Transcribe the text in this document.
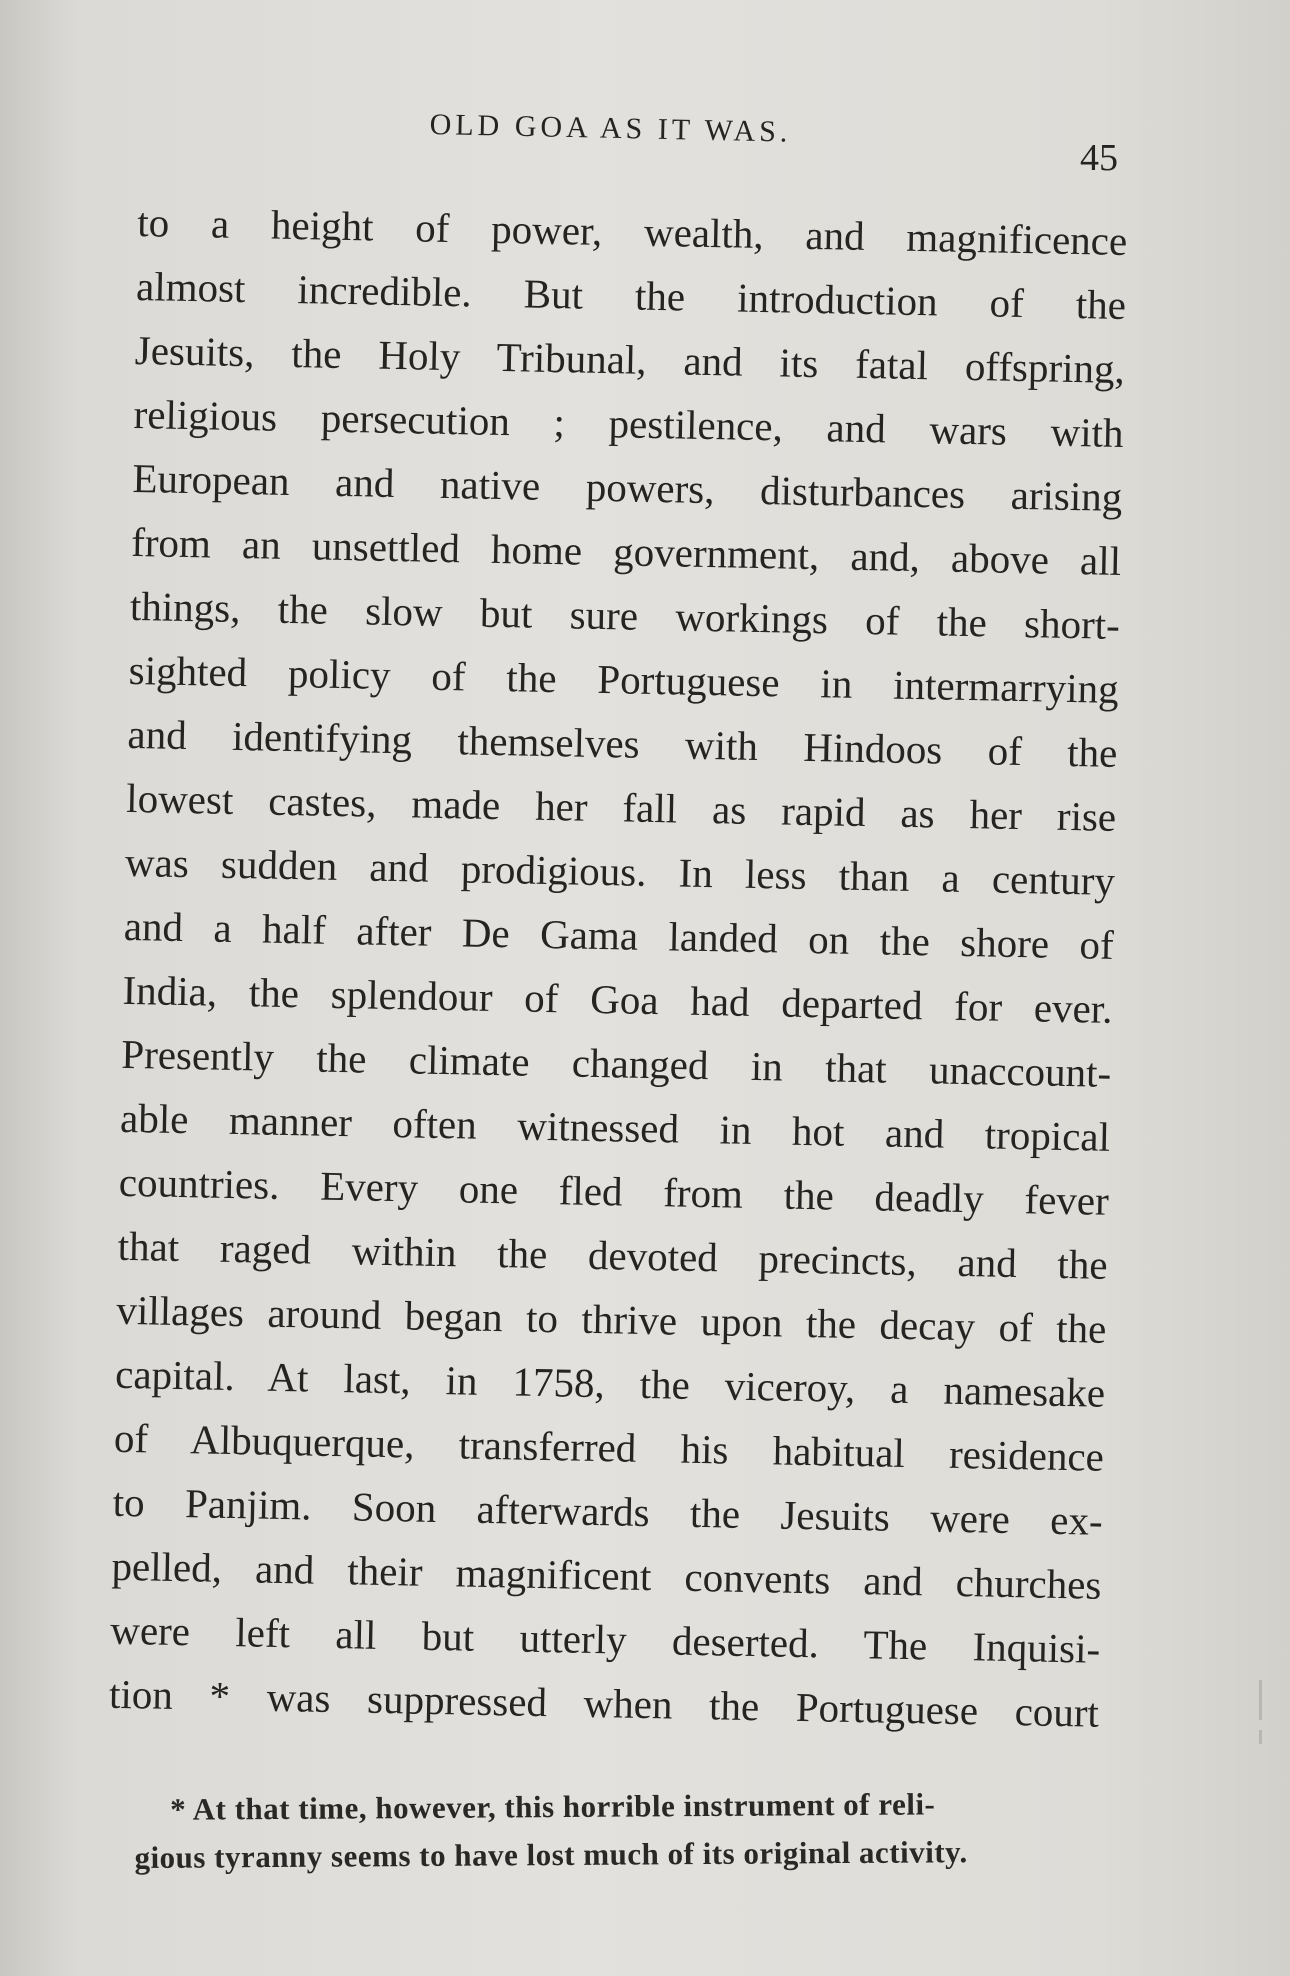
OLD GOA AS IT WAS.
45
to a height of power, wealth, and magnificence
almost incredible. But the introduction of the
Jesuits, the Holy Tribunal, and its fatal offspring,
religious persecution ; pestilence, and wars with
European and native powers, disturbances arising
from an unsettled home government, and, above all
things, the slow but sure workings of the short-
sighted policy of the Portuguese in intermarrying
and identifying themselves with Hindoos of the
lowest castes, made her fall as rapid as her rise
was sudden and prodigious. In less than a century
and a half after De Gama landed on the shore of
India, the splendour of Goa had departed for ever.
Presently the climate changed in that unaccount-
able manner often witnessed in hot and tropical
countries. Every one fled from the deadly fever
that raged within the devoted precincts, and the
villages around began to thrive upon the decay of the
capital. At last, in 1758, the viceroy, a namesake
of Albuquerque, transferred his habitual residence
to Panjim. Soon afterwards the Jesuits were ex-
pelled, and their magnificent convents and churches
were left all but utterly deserted. The Inquisi-
tion * was suppressed when the Portuguese court
* At that time, however, this horrible instrument of reli-
gious tyranny seems to have lost much of its original activity.
